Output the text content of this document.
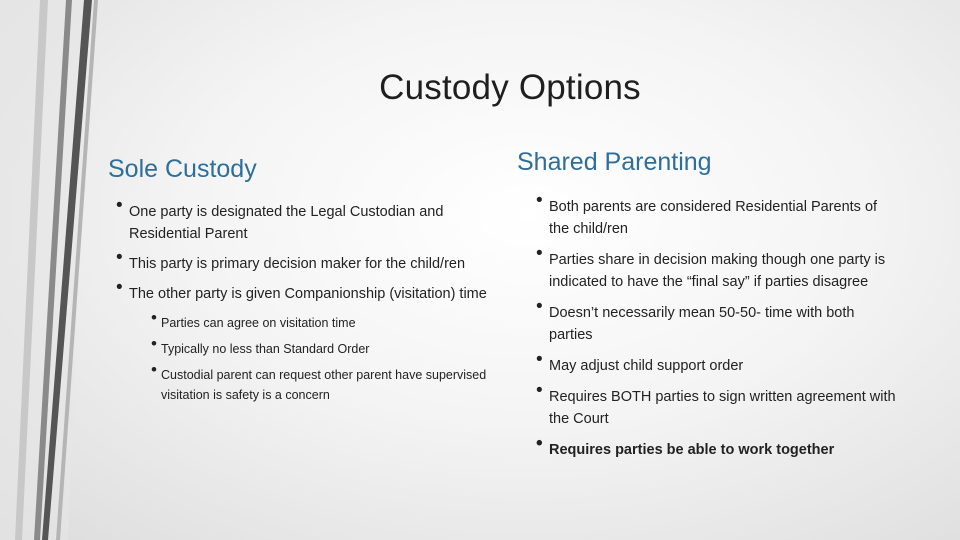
Custody Options
Sole Custody	Shared Parenting
• One party is designated the Legal Custodian and Residential Parent
• This party is primary decision maker for the child/ren
• The other party is given Companionship (visitation) time
• Parties can agree on visitation time
• Typically no less than Standard Order
• Custodial parent can request other parent have supervised visitation is safety is a concern
• Both parents are considered Residential Parents of the child/ren
• Parties share in decision making though one party is indicated to have the “final say” if parties disagree
• Doesn’t necessarily mean 50-50- time with both parties
• May adjust child support order
• Requires BOTH parties to sign written agreement with the Court
• Requires parties be able to work together
